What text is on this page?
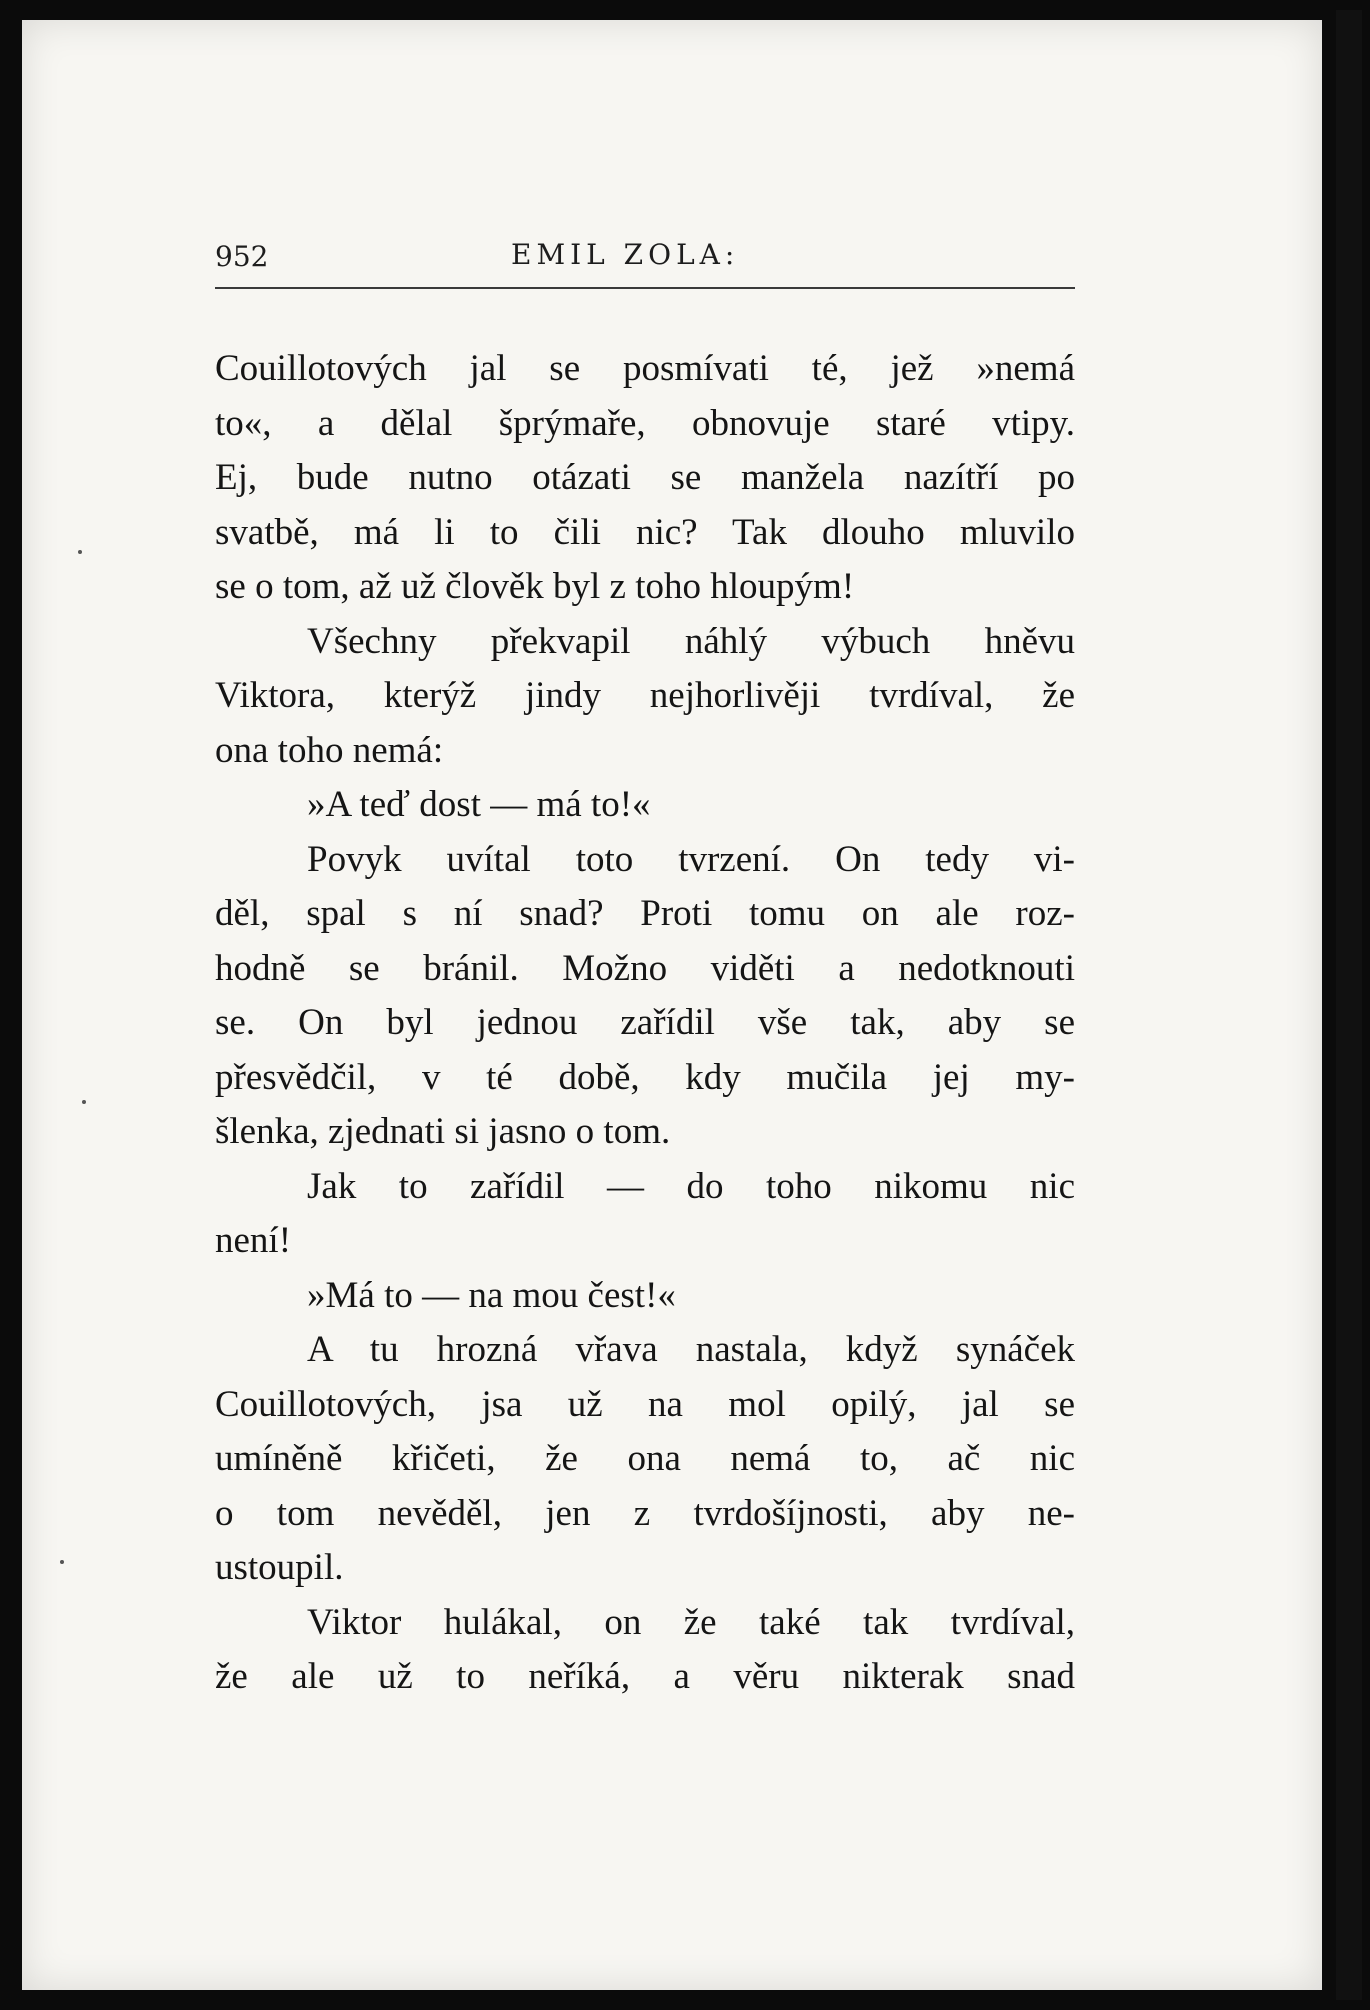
952	EMIL ZOLA:
Couillotových jal se posmívati té, jež »nemá
to«, a dělal šprýmaře, obnovuje staré vtipy.
Ej, bude nutno otázati se manžela nazítří po
svatbě, má li to čili nic? Tak dlouho mluvilo
se o tom, až už člověk byl z toho hloupým!
Všechny překvapil náhlý výbuch hněvu
Viktora, kterýž jindy nejhorlivěji tvrdíval, že
ona toho nemá:
»A teď dost — má to!«
Povyk uvítal toto tvrzení. On tedy vi-
děl, spal s ní snad? Proti tomu on ale roz-
hodně se bránil. Možno viděti a nedotknouti
se. On byl jednou zařídil vše tak, aby se
přesvědčil, v té době, kdy mučila jej my-
šlenka, zjednati si jasno o tom.
Jak to zařídil — do toho nikomu nic
není!
»Má to — na mou čest!«
A tu hrozná vřava nastala, když synáček
Couillotových, jsa už na mol opilý, jal se
umíněně křičeti, že ona nemá to, ač nic
o tom nevěděl, jen z tvrdošíjnosti, aby ne-
ustoupil.
Viktor hulákal, on že také tak tvrdíval,
že ale už to neříká, a věru nikterak snad
